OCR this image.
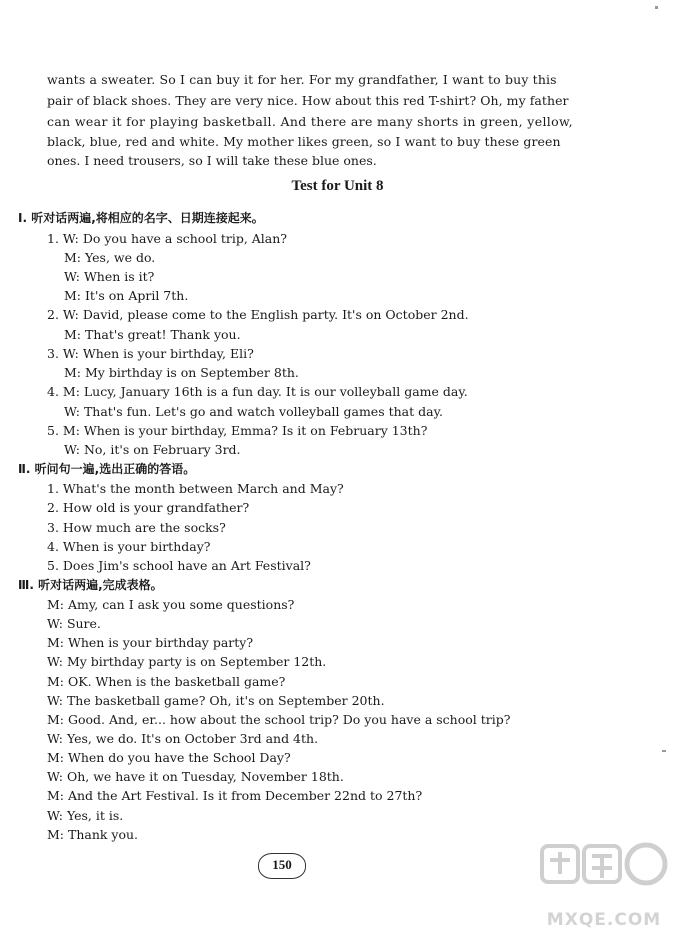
wants a sweater. So I can buy it for her. For my grandfather, I want to buy this
pair of black shoes. They are very nice. How about this red T-shirt? Oh, my father
can wear it for playing basketball. And there are many shorts in green, yellow,
black, blue, red and white. My mother likes green, so I want to buy these green
ones. I need trousers, so I will take these blue ones.
Test for Unit 8
Ⅰ. 听对话两遍,将相应的名字、日期连接起来。
1. W: Do you have a school trip, Alan?
M: Yes, we do.
W: When is it?
M: It's on April 7th.
2. W: David, please come to the English party. It's on October 2nd.
M: That's great! Thank you.
3. W: When is your birthday, Eli?
M: My birthday is on September 8th.
4. M: Lucy, January 16th is a fun day. It is our volleyball game day.
W: That's fun. Let's go and watch volleyball games that day.
5. M: When is your birthday, Emma? Is it on February 13th?
W: No, it's on February 3rd.
Ⅱ. 听问句一遍,选出正确的答语。
1. What's the month between March and May?
2. How old is your grandfather?
3. How much are the socks?
4. When is your birthday?
5. Does Jim's school have an Art Festival?
Ⅲ. 听对话两遍,完成表格。
M: Amy, can I ask you some questions?
W: Sure.
M: When is your birthday party?
W: My birthday party is on September 12th.
M: OK. When is the basketball game?
W: The basketball game? Oh, it's on September 20th.
M: Good. And, er... how about the school trip? Do you have a school trip?
W: Yes, we do. It's on October 3rd and 4th.
M: When do you have the School Day?
W: Oh, we have it on Tuesday, November 18th.
M: And the Art Festival. Is it from December 22nd to 27th?
W: Yes, it is.
M: Thank you.
150
MXQE.COM
